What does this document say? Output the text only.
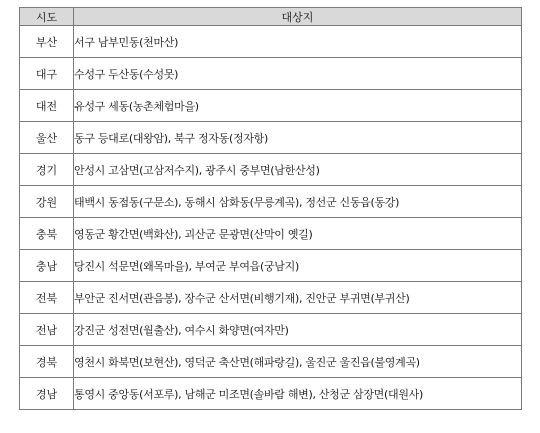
시도	대상지
부산	서구 남부민동(천마산)
대구	수성구 두산동(수성못)
대전	유성구 세동(농촌체험마을)
울산	동구 등대로(대왕암), 북구 정자동(정자항)
경기	안성시 고삼면(고삼저수지), 광주시 중부면(남한산성)
강원	태백시 동점동(구문소), 동해시 삼화동(무릉계곡), 정선군 신동읍(동강)
충북	영동군 황간면(백화산), 괴산군 문광면(산막이 옛길)
충남	당진시 석문면(왜목마을), 부여군 부여읍(궁남지)
전북	부안군 진서면(관음봉), 장수군 산서면(비행기재), 진안군 부귀면(부귀산)
전남	강진군 성전면(월출산), 여수시 화양면(여자만)
경북	영천시 화북면(보현산), 영덕군 축산면(해파랑길), 울진군 울진읍(불영계곡)
경남	통영시 중앙동(서포루), 남해군 미조면(솔바람 해변), 산청군 삼장면(대원사)
